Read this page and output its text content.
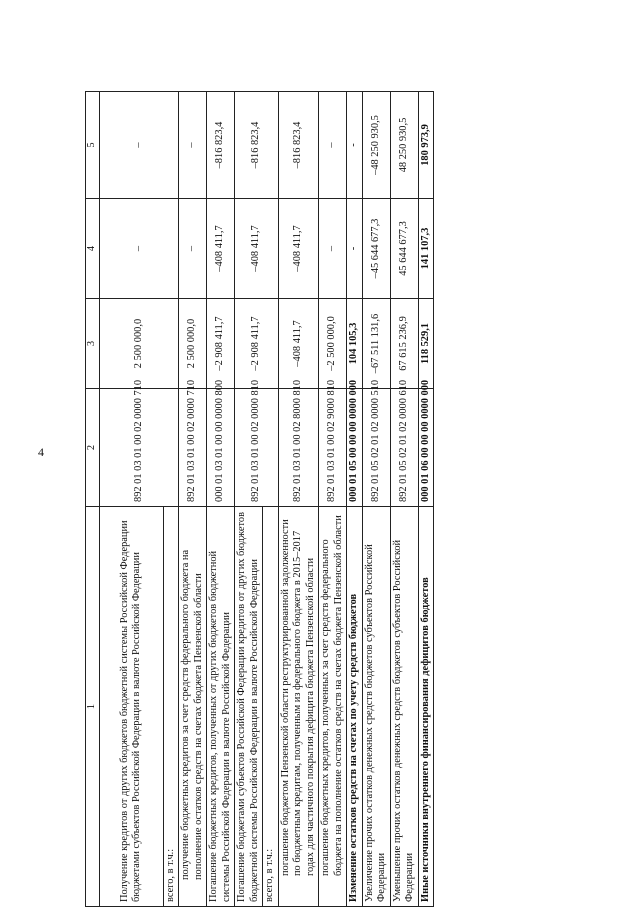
4
1	2	3	4	5
Получение кредитов от других бюджетов бюджетной системы Российской Федерации бюджетами субъектов Российской Федерации в валюте Российской Федерации	892 01 03 01 00 02 0000 710	2 500 000,0	–	–
всего, в т.ч.:				
получение бюджетных кредитов за счет средств федерального бюджета на пополнение остатков средств на счетах бюджета Пензенской области	892 01 03 01 00 02 0000 710	2 500 000,0	–	–
Погашение бюджетных кредитов, полученных от других бюджетов бюджетной системы Российской Федерации в валюте Российской Федерации	000 01 03 01 00 00 0000 800	–2 908 411,7	–408 411,7	–816 823,4
Погашение бюджетами субъектов Российской Федерации кредитов от других бюджетов бюджетной системы Российской Федерации в валюте Российской Федерации	892 01 03 01 00 02 0000 810	–2 908 411,7	–408 411,7	–816 823,4
всего, в т.ч.:				
погашение бюджетом Пензенской области реструктурированной задолженности по бюджетным кредитам, полученным из федерального бюджета в 2015–2017 годах для частичного покрытия дефицита бюджета Пензенской области	892 01 03 01 00 02 8000 810	–408 411,7	–408 411,7	–816 823,4
погашение бюджетных кредитов, полученных за счет средств федерального бюджета на пополнение остатков средств на счетах бюджета Пензенской области	892 01 03 01 00 02 9000 810	–2 500 000,0	–	–
Изменение остатков средств на счетах по учету средств бюджетов	000 01 05 00 00 00 0000 000	104 105,3	-	-
Увеличение прочих остатков денежных средств бюджетов субъектов Российской Федерации	892 01 05 02 01 02 0000 510	–67 511 131,6	–45 644 677,3	–48 250 930,5
Уменьшение прочих остатков денежных средств бюджетов субъектов Российской Федерации	892 01 05 02 01 02 0000 610	67 615 236,9	45 644 677,3	48 250 930,5
Иные источники внутреннего финансирования дефицитов бюджетов	000 01 06 00 00 00 0000 000	118 529,1	141 107,3	180 973,9
